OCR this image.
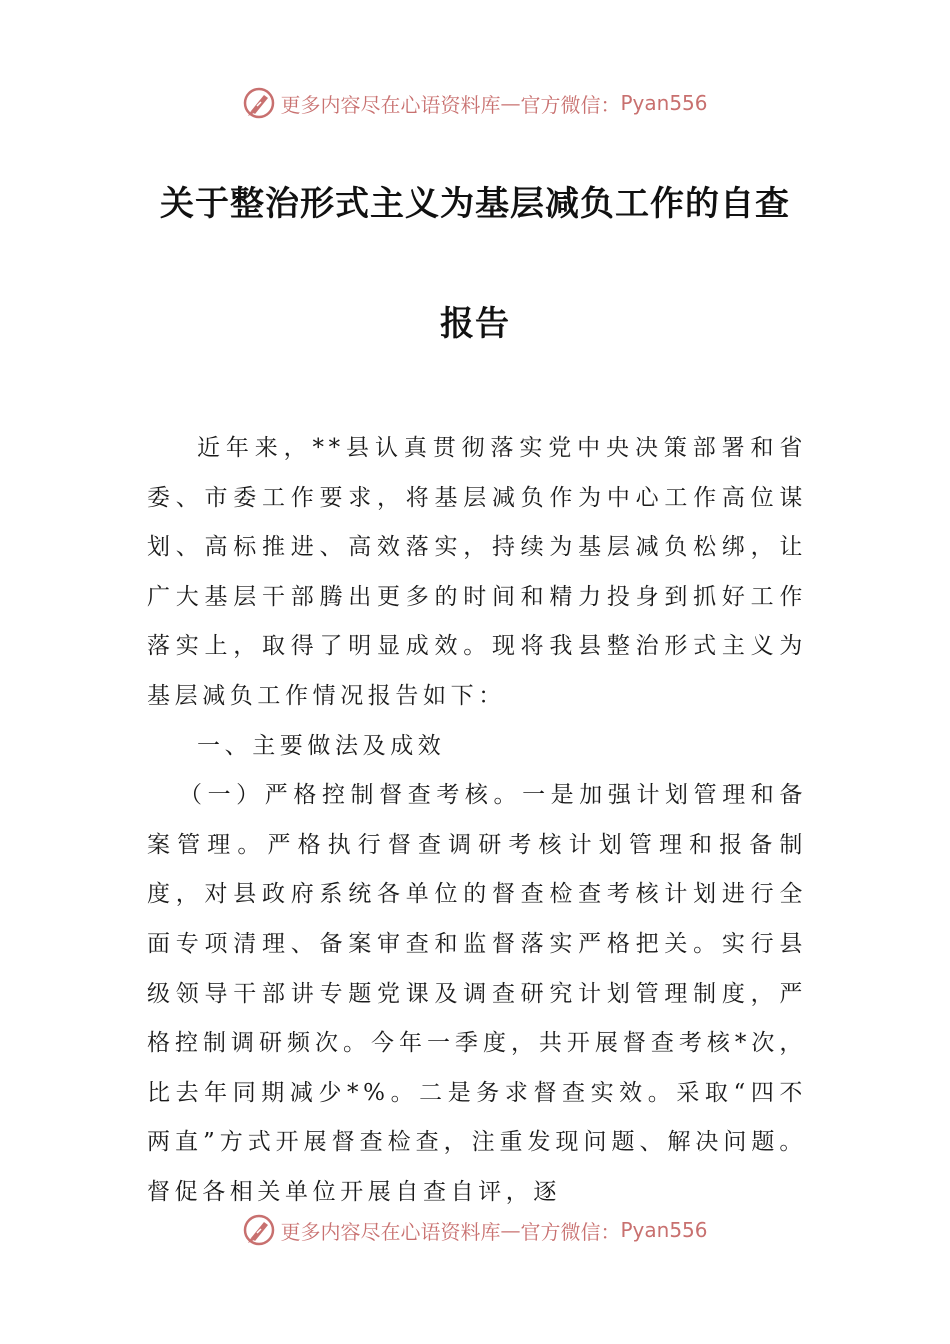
更多内容尽在心语资料库 — 官方微信： Pyan556
关于整治形式主义为基层减负工作的自查
报告

近年来，**县认真贯彻落实党中央决策部署和省委、市委工作要求，将基层减负作为中心工作高位谋划、高标推进、高效落实，持续为基层减负松绑，让广大基层干部腾出更多的时间和精力投身到抓好工作落实上，取得了明显成效。现将我县整治形式主义为基层减负工作情况报告如下：

一、主要做法及成效

（一）严格控制督查考核。一是加强计划管理和备案管理。严格执行督查调研考核计划管理和报备制度，对县政府系统各单位的督查检查考核计划进行全面专项清理、备案审查和监督落实严格把关。实行县级领导干部讲专题党课及调查研究计划管理制度，严格控制调研频次。今年一季度，共开展督查考核*次，比去年同期减少*%。二是务求督查实效。采取“四不两直”方式开展督查检查，注重发现问题、解决问题。督促各相关单位开展自查自评，逐

更多内容尽在心语资料库 — 官方微信： Pyan556
